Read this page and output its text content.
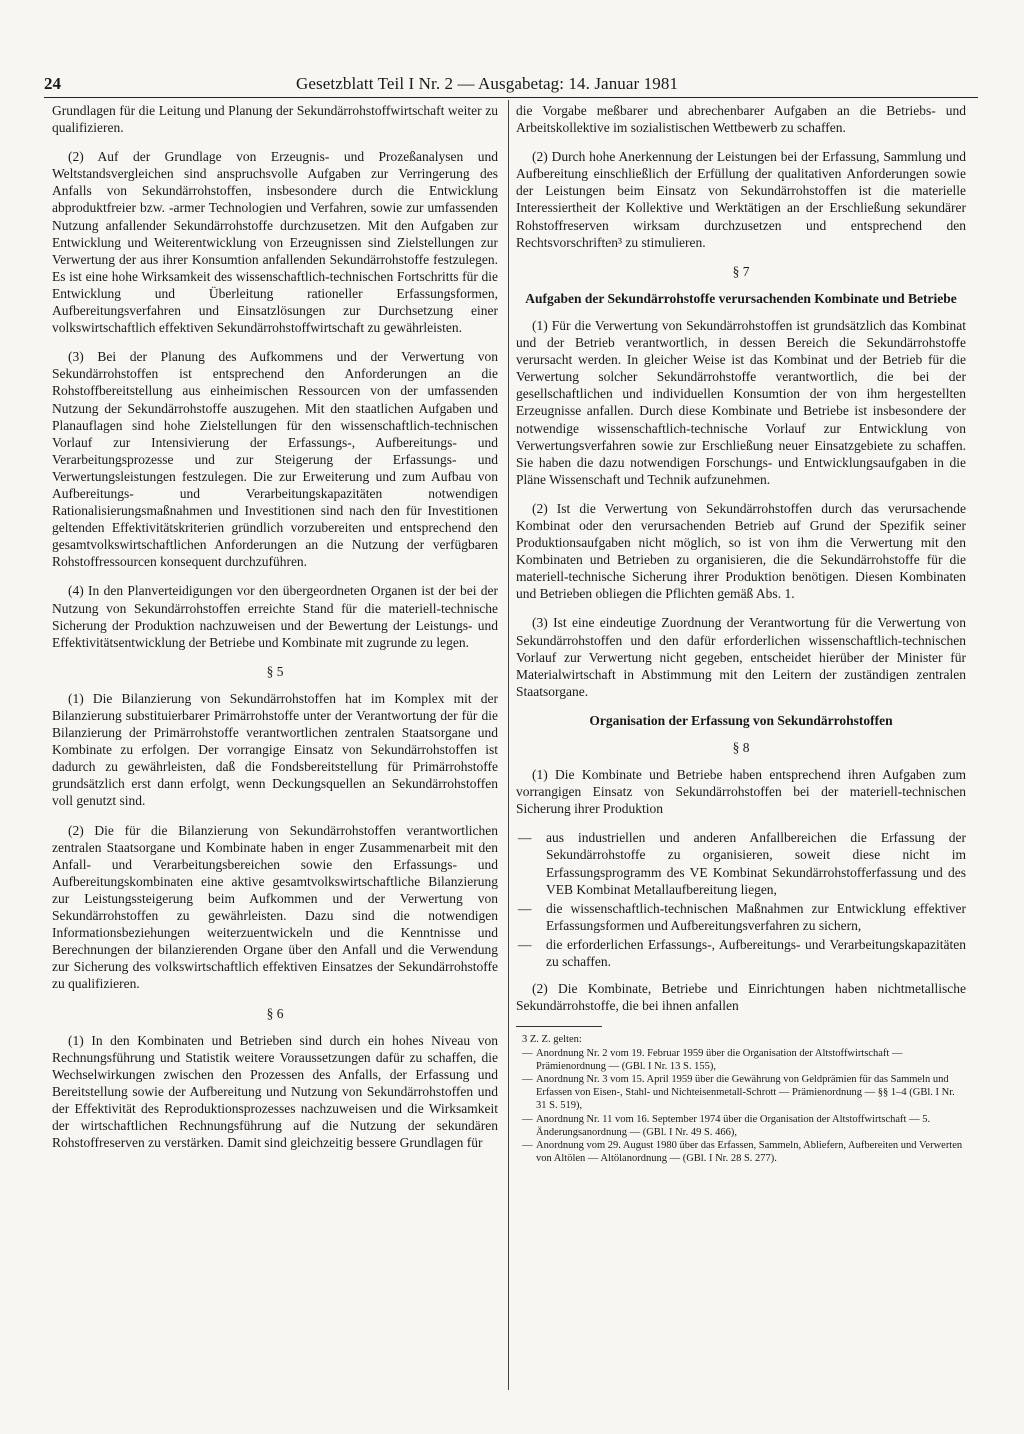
24	Gesetzblatt Teil I Nr. 2 — Ausgabetag: 14. Januar 1981

Grundlagen für die Leitung und Planung der Sekundärrohstoffwirtschaft weiter zu qualifizieren.

(2) Auf der Grundlage von Erzeugnis- und Prozeßanalysen und Weltstandsvergleichen sind anspruchsvolle Aufgaben zur Verringerung des Anfalls von Sekundärrohstoffen, insbesondere durch die Entwicklung abproduktfreier bzw. -armer Technologien und Verfahren, sowie zur umfassenden Nutzung anfallender Sekundärrohstoffe durchzusetzen. Mit den Aufgaben zur Entwicklung und Weiterentwicklung von Erzeugnissen sind Zielstellungen zur Verwertung der aus ihrer Konsumtion anfallenden Sekundärrohstoffe festzulegen. Es ist eine hohe Wirksamkeit des wissenschaftlich-technischen Fortschritts für die Entwicklung und Überleitung rationeller Erfassungsformen, Aufbereitungsverfahren und Einsatzlösungen zur Durchsetzung einer volkswirtschaftlich effektiven Sekundärrohstoffwirtschaft zu gewährleisten.

(3) Bei der Planung des Aufkommens und der Verwertung von Sekundärrohstoffen ist entsprechend den Anforderungen an die Rohstoffbereitstellung aus einheimischen Ressourcen von der umfassenden Nutzung der Sekundärrohstoffe auszugehen. Mit den staatlichen Aufgaben und Planauflagen sind hohe Zielstellungen für den wissenschaftlich-technischen Vorlauf zur Intensivierung der Erfassungs-, Aufbereitungs- und Verarbeitungsprozesse und zur Steigerung der Erfassungs- und Verwertungsleistungen festzulegen. Die zur Erweiterung und zum Aufbau von Aufbereitungs- und Verarbeitungskapazitäten notwendigen Rationalisierungsmaßnahmen und Investitionen sind nach den für Investitionen geltenden Effektivitätskriterien gründlich vorzubereiten und entsprechend den gesamtvolkswirtschaftlichen Anforderungen an die Nutzung der verfügbaren Rohstoffressourcen konsequent durchzuführen.

(4) In den Planverteidigungen vor den übergeordneten Organen ist der bei der Nutzung von Sekundärrohstoffen erreichte Stand für die materiell-technische Sicherung der Produktion nachzuweisen und der Bewertung der Leistungs- und Effektivitätsentwicklung der Betriebe und Kombinate mit zugrunde zu legen.

§ 5

(1) Die Bilanzierung von Sekundärrohstoffen hat im Komplex mit der Bilanzierung substituierbarer Primärrohstoffe unter der Verantwortung der für die Bilanzierung der Primärrohstoffe verantwortlichen zentralen Staatsorgane und Kombinate zu erfolgen. Der vorrangige Einsatz von Sekundärrohstoffen ist dadurch zu gewährleisten, daß die Fondsbereitstellung für Primärrohstoffe grundsätzlich erst dann erfolgt, wenn Deckungsquellen an Sekundärrohstoffen voll genutzt sind.

(2) Die für die Bilanzierung von Sekundärrohstoffen verantwortlichen zentralen Staatsorgane und Kombinate haben in enger Zusammenarbeit mit den Anfall- und Verarbeitungsbereichen sowie den Erfassungs- und Aufbereitungskombinaten eine aktive gesamtvolkswirtschaftliche Bilanzierung zur Leistungssteigerung beim Aufkommen und der Verwertung von Sekundärrohstoffen zu gewährleisten. Dazu sind die notwendigen Informationsbeziehungen weiterzuentwickeln und die Kenntnisse und Berechnungen der bilanzierenden Organe über den Anfall und die Verwendung zur Sicherung des volkswirtschaftlich effektiven Einsatzes der Sekundärrohstoffe zu qualifizieren.

§ 6

(1) In den Kombinaten und Betrieben sind durch ein hohes Niveau von Rechnungsführung und Statistik weitere Voraussetzungen dafür zu schaffen, die Wechselwirkungen zwischen den Prozessen des Anfalls, der Erfassung und Bereitstellung sowie der Aufbereitung und Nutzung von Sekundärrohstoffen und der Effektivität des Reproduktionsprozesses nachzuweisen und die Wirksamkeit der wirtschaftlichen Rechnungsführung auf die Nutzung der sekundären Rohstoffreserven zu verstärken. Damit sind gleichzeitig bessere Grundlagen für

die Vorgabe meßbarer und abrechenbarer Aufgaben an die Betriebs- und Arbeitskollektive im sozialistischen Wettbewerb zu schaffen.

(2) Durch hohe Anerkennung der Leistungen bei der Erfassung, Sammlung und Aufbereitung einschließlich der Erfüllung der qualitativen Anforderungen sowie der Leistungen beim Einsatz von Sekundärrohstoffen ist die materielle Interessiertheit der Kollektive und Werktätigen an der Erschließung sekundärer Rohstoffreserven wirksam durchzusetzen und entsprechend den Rechtsvorschriften³ zu stimulieren.

§ 7
Aufgaben der Sekundärrohstoffe verursachenden Kombinate und Betriebe

(1) Für die Verwertung von Sekundärrohstoffen ist grundsätzlich das Kombinat und der Betrieb verantwortlich, in dessen Bereich die Sekundärrohstoffe verursacht werden. In gleicher Weise ist das Kombinat und der Betrieb für die Verwertung solcher Sekundärrohstoffe verantwortlich, die bei der gesellschaftlichen und individuellen Konsumtion der von ihm hergestellten Erzeugnisse anfallen. Durch diese Kombinate und Betriebe ist insbesondere der notwendige wissenschaftlich-technische Vorlauf zur Entwicklung von Verwertungsverfahren sowie zur Erschließung neuer Einsatzgebiete zu schaffen. Sie haben die dazu notwendigen Forschungs- und Entwicklungsaufgaben in die Pläne Wissenschaft und Technik aufzunehmen.

(2) Ist die Verwertung von Sekundärrohstoffen durch das verursachende Kombinat oder den verursachenden Betrieb auf Grund der Spezifik seiner Produktionsaufgaben nicht möglich, so ist von ihm die Verwertung mit den Kombinaten und Betrieben zu organisieren, die die Sekundärrohstoffe für die materiell-technische Sicherung ihrer Produktion benötigen. Diesen Kombinaten und Betrieben obliegen die Pflichten gemäß Abs. 1.

(3) Ist eine eindeutige Zuordnung der Verantwortung für die Verwertung von Sekundärrohstoffen und den dafür erforderlichen wissenschaftlich-technischen Vorlauf zur Verwertung nicht gegeben, entscheidet hierüber der Minister für Materialwirtschaft in Abstimmung mit den Leitern der zuständigen zentralen Staatsorgane.

Organisation der Erfassung von Sekundärrohstoffen
§ 8

(1) Die Kombinate und Betriebe haben entsprechend ihren Aufgaben zum vorrangigen Einsatz von Sekundärrohstoffen bei der materiell-technischen Sicherung ihrer Produktion

— aus industriellen und anderen Anfallbereichen die Erfassung der Sekundärrohstoffe zu organisieren, soweit diese nicht im Erfassungsprogramm des VE Kombinat Sekundärrohstofferfassung und des VEB Kombinat Metallaufbereitung liegen,
— die wissenschaftlich-technischen Maßnahmen zur Entwicklung effektiver Erfassungsformen und Aufbereitungsverfahren zu sichern,
— die erforderlichen Erfassungs-, Aufbereitungs- und Verarbeitungskapazitäten zu schaffen.

(2) Die Kombinate, Betriebe und Einrichtungen haben nichtmetallische Sekundärrohstoffe, die bei ihnen anfallen

3 Z. Z. gelten:
— Anordnung Nr. 2 vom 19. Februar 1959 über die Organisation der Altstoffwirtschaft — Prämienordnung — (GBl. I Nr. 13 S. 155),
— Anordnung Nr. 3 vom 15. April 1959 über die Gewährung von Geldprämien für das Sammeln und Erfassen von Eisen-, Stahl- und Nichteisenmetall-Schrott — Prämienordnung — §§ 1–4 (GBl. I Nr. 31 S. 519),
— Anordnung Nr. 11 vom 16. September 1974 über die Organisation der Altstoffwirtschaft — 5. Änderungsanordnung — (GBl. I Nr. 49 S. 466),
— Anordnung vom 29. August 1980 über das Erfassen, Sammeln, Abliefern, Aufbereiten und Verwerten von Altölen — Altölanordnung — (GBl. I Nr. 28 S. 277).
